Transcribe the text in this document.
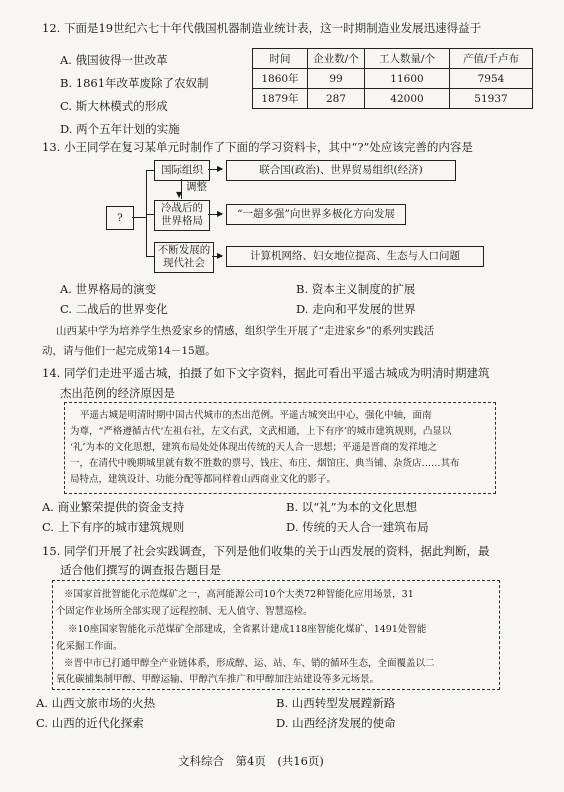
12. 下面是19世纪六七十年代俄国机器制造业统计表，这一时期制造业发展迅速得益于
时间	企业数/个	工人数量/个	产值/千卢布
1860年	99	11600	7954
1879年	287	42000	51937
A. 俄国彼得一世改革
B. 1861年改革废除了农奴制
C. 斯大林模式的形成
D. 两个五年计划的实施
13. 小王同学在复习某单元时制作了下面的学习资料卡，其中“?”处应该完善的内容是
?
国际组织	▶	联合国(政治)、世界贸易组织(经济)
▼
调整
冷战后的
世界格局
▶	“一超多强”向世界多极化方向发展
不断发展的
现代社会
▶	计算机网络、妇女地位提高、生态与人口问题
A. 世界格局的演变	B. 资本主义制度的扩展
C. 二战后的世界变化	D. 走向和平发展的世界
山西某中学为培养学生热爱家乡的情感，组织学生开展了“走进家乡”的系列实践活
动，请与他们一起完成第14－15题。
14. 同学们走进平遥古城，拍摄了如下文字资料，据此可看出平遥古城成为明清时期建筑
杰出范例的经济原因是
平遥古城是明清时期中国古代城市的杰出范例。平遥古城突出中心，强化中轴，面南
为尊，“严格遵循古代‘左祖右社，左文右武，文武相通，上下有序’的城市建筑规则，凸显以
‘礼’为本的文化思想，建筑布局处处体现出传统的天人合一思想；平遥是晋商的发祥地之
一，在清代中晚期城里就有数不胜数的票号、钱庄、布庄、烟馆庄、典当铺、杂货店……其布
局特点，建筑设计、功能分配等都同样着山西商业文化的影子。
A. 商业繁荣提供的资金支持	B. 以“礼”为本的文化思想
C. 上下有序的城市建筑规则	D. 传统的天人合一建筑布局
15. 同学们开展了社会实践调查，下列是他们收集的关于山西发展的资料，据此判断，最
适合他们撰写的调查报告题目是
※国家首批智能化示范煤矿之一，高河能源公司10个大类72种智能化应用场景，31
个固定作业场所全部实现了远程控制、无人值守、智慧巡检。
※10座国家智能化示范煤矿全部建成，全省累计建成118座智能化煤矿、1491处智能
化采掘工作面。
※晋中市已打通甲醇全产业链体系，形成醇、运、站、车、销的循环生态，全面覆盖以二
氧化碳捕集制甲醇、甲醇运输、甲醇汽车推广和甲醇加注站建设等多元场景。
A. 山西文旅市场的火热	B. 山西转型发展蹚新路
C. 山西的近代化探索	D. 山西经济发展的使命
文科综合　第4页　(共16页)
